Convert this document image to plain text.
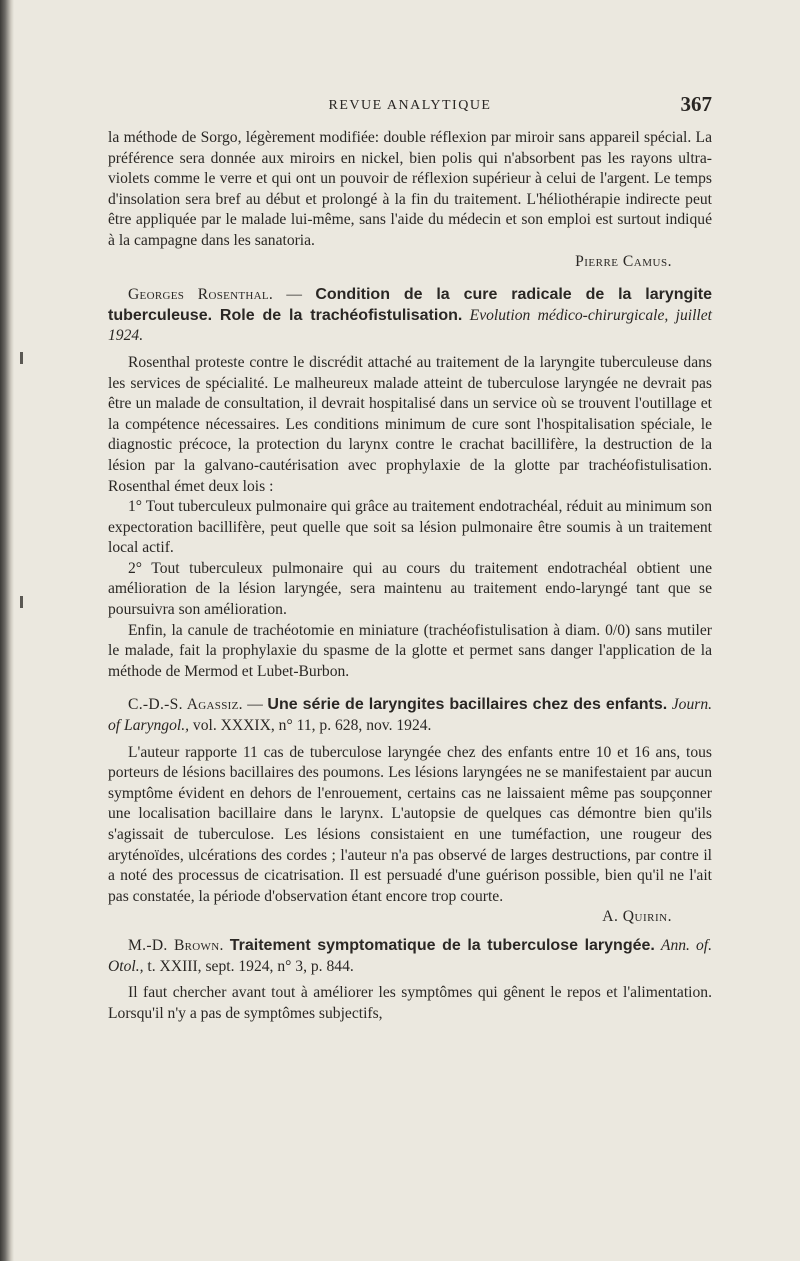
REVUE ANALYTIQUE	367

la méthode de Sorgo, légèrement modifiée: double réflexion par miroir sans appareil spécial. La préférence sera donnée aux miroirs en nickel, bien polis qui n'absorbent pas les rayons ultra-violets comme le verre et qui ont un pouvoir de réflexion supérieur à celui de l'argent. Le temps d'insolation sera bref au début et prolongé à la fin du traitement. L'héliothérapie indirecte peut être appliquée par le malade lui-même, sans l'aide du médecin et son emploi est surtout indiqué à la campagne dans les sanatoria.

Pierre Camus.

Georges Rosenthal. — Condition de la cure radicale de la laryngite tuberculeuse. Role de la trachéofistulisation. Evolution médico-chirurgicale, juillet 1924.

Rosenthal proteste contre le discrédit attaché au traitement de la laryngite tuberculeuse dans les services de spécialité. Le malheureux malade atteint de tuberculose laryngée ne devrait pas être un malade de consultation, il devrait hospitalisé dans un service où se trouvent l'outillage et la compétence nécessaires. Les conditions minimum de cure sont l'hospitalisation spéciale, le diagnostic précoce, la protection du larynx contre le crachat bacillifère, la destruction de la lésion par la galvano-cautérisation avec prophylaxie de la glotte par trachéofistulisation. Rosenthal émet deux lois :

1° Tout tuberculeux pulmonaire qui grâce au traitement endotrachéal, réduit au minimum son expectoration bacillifère, peut quelle que soit sa lésion pulmonaire être soumis à un traitement local actif.

2° Tout tuberculeux pulmonaire qui au cours du traitement endotrachéal obtient une amélioration de la lésion laryngée, sera maintenu au traitement endo-laryngé tant que se poursuivra son amélioration.

Enfin, la canule de trachéotomie en miniature (trachéofistulisation à diam. 0/0) sans mutiler le malade, fait la prophylaxie du spasme de la glotte et permet sans danger l'application de la méthode de Mermod et Lubet-Burbon.

C.-D.-S. Agassiz. — Une série de laryngites bacillaires chez des enfants. Journ. of Laryngol., vol. XXXIX, n° 11, p. 628, nov. 1924.

L'auteur rapporte 11 cas de tuberculose laryngée chez des enfants entre 10 et 16 ans, tous porteurs de lésions bacillaires des poumons. Les lésions laryngées ne se manifestaient par aucun symptôme évident en dehors de l'enrouement, certains cas ne laissaient même pas soupçonner une localisation bacillaire dans le larynx. L'autopsie de quelques cas démontre bien qu'ils s'agissait de tuberculose. Les lésions consistaient en une tuméfaction, une rougeur des aryténoïdes, ulcérations des cordes ; l'auteur n'a pas observé de larges destructions, par contre il a noté des processus de cicatrisation. Il est persuadé d'une guérison possible, bien qu'il ne l'ait pas constatée, la période d'observation étant encore trop courte.

A. Quirin.

M.-D. Brown. Traitement symptomatique de la tuberculose laryngée. Ann. of. Otol., t. XXIII, sept. 1924, n° 3, p. 844.

Il faut chercher avant tout à améliorer les symptômes qui gênent le repos et l'alimentation. Lorsqu'il n'y a pas de symptômes subjectifs,
